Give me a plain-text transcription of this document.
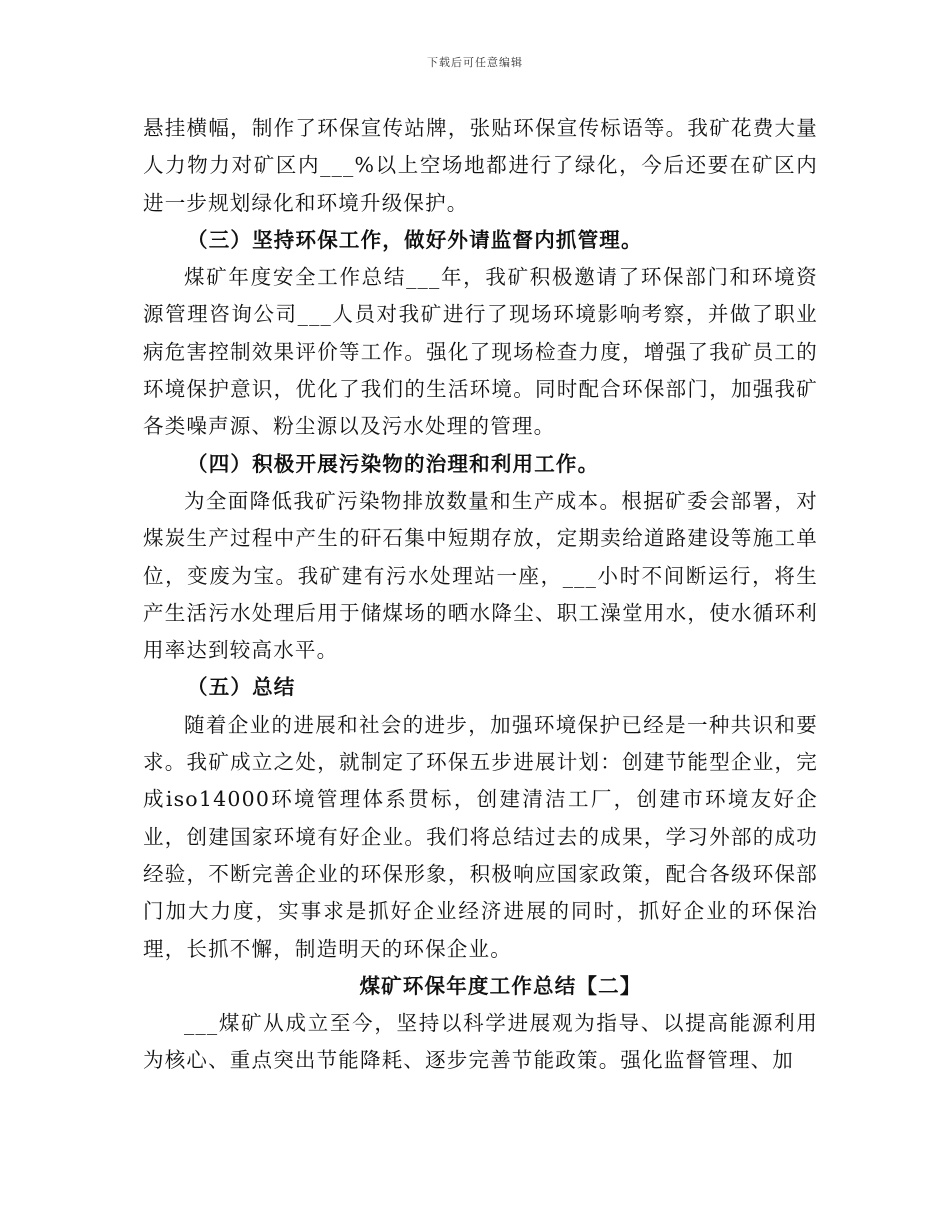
下载后可任意编辑

悬挂横幅，制作了环保宣传站牌，张贴环保宣传标语等。我矿花费大量人力物力对矿区内___%以上空场地都进行了绿化，今后还要在矿区内进一步规划绿化和环境升级保护。

（三）坚持环保工作，做好外请监督内抓管理。

煤矿年度安全工作总结___年，我矿积极邀请了环保部门和环境资源管理咨询公司___人员对我矿进行了现场环境影响考察，并做了职业病危害控制效果评价等工作。强化了现场检查力度，增强了我矿员工的环境保护意识，优化了我们的生活环境。同时配合环保部门，加强我矿各类噪声源、粉尘源以及污水处理的管理。

（四）积极开展污染物的治理和利用工作。

为全面降低我矿污染物排放数量和生产成本。根据矿委会部署，对煤炭生产过程中产生的矸石集中短期存放，定期卖给道路建设等施工单位，变废为宝。我矿建有污水处理站一座，___小时不间断运行，将生产生活污水处理后用于储煤场的晒水降尘、职工澡堂用水，使水循环利用率达到较高水平。

（五）总结

随着企业的进展和社会的进步，加强环境保护已经是一种共识和要求。我矿成立之处，就制定了环保五步进展计划：创建节能型企业，完成iso14000环境管理体系贯标，创建清洁工厂，创建市环境友好企业，创建国家环境有好企业。我们将总结过去的成果，学习外部的成功经验，不断完善企业的环保形象，积极响应国家政策，配合各级环保部门加大力度，实事求是抓好企业经济进展的同时，抓好企业的环保治理，长抓不懈，制造明天的环保企业。

煤矿环保年度工作总结【二】

___煤矿从成立至今，坚持以科学进展观为指导、以提高能源利用为核心、重点突出节能降耗、逐步完善节能政策。强化监督管理、加
